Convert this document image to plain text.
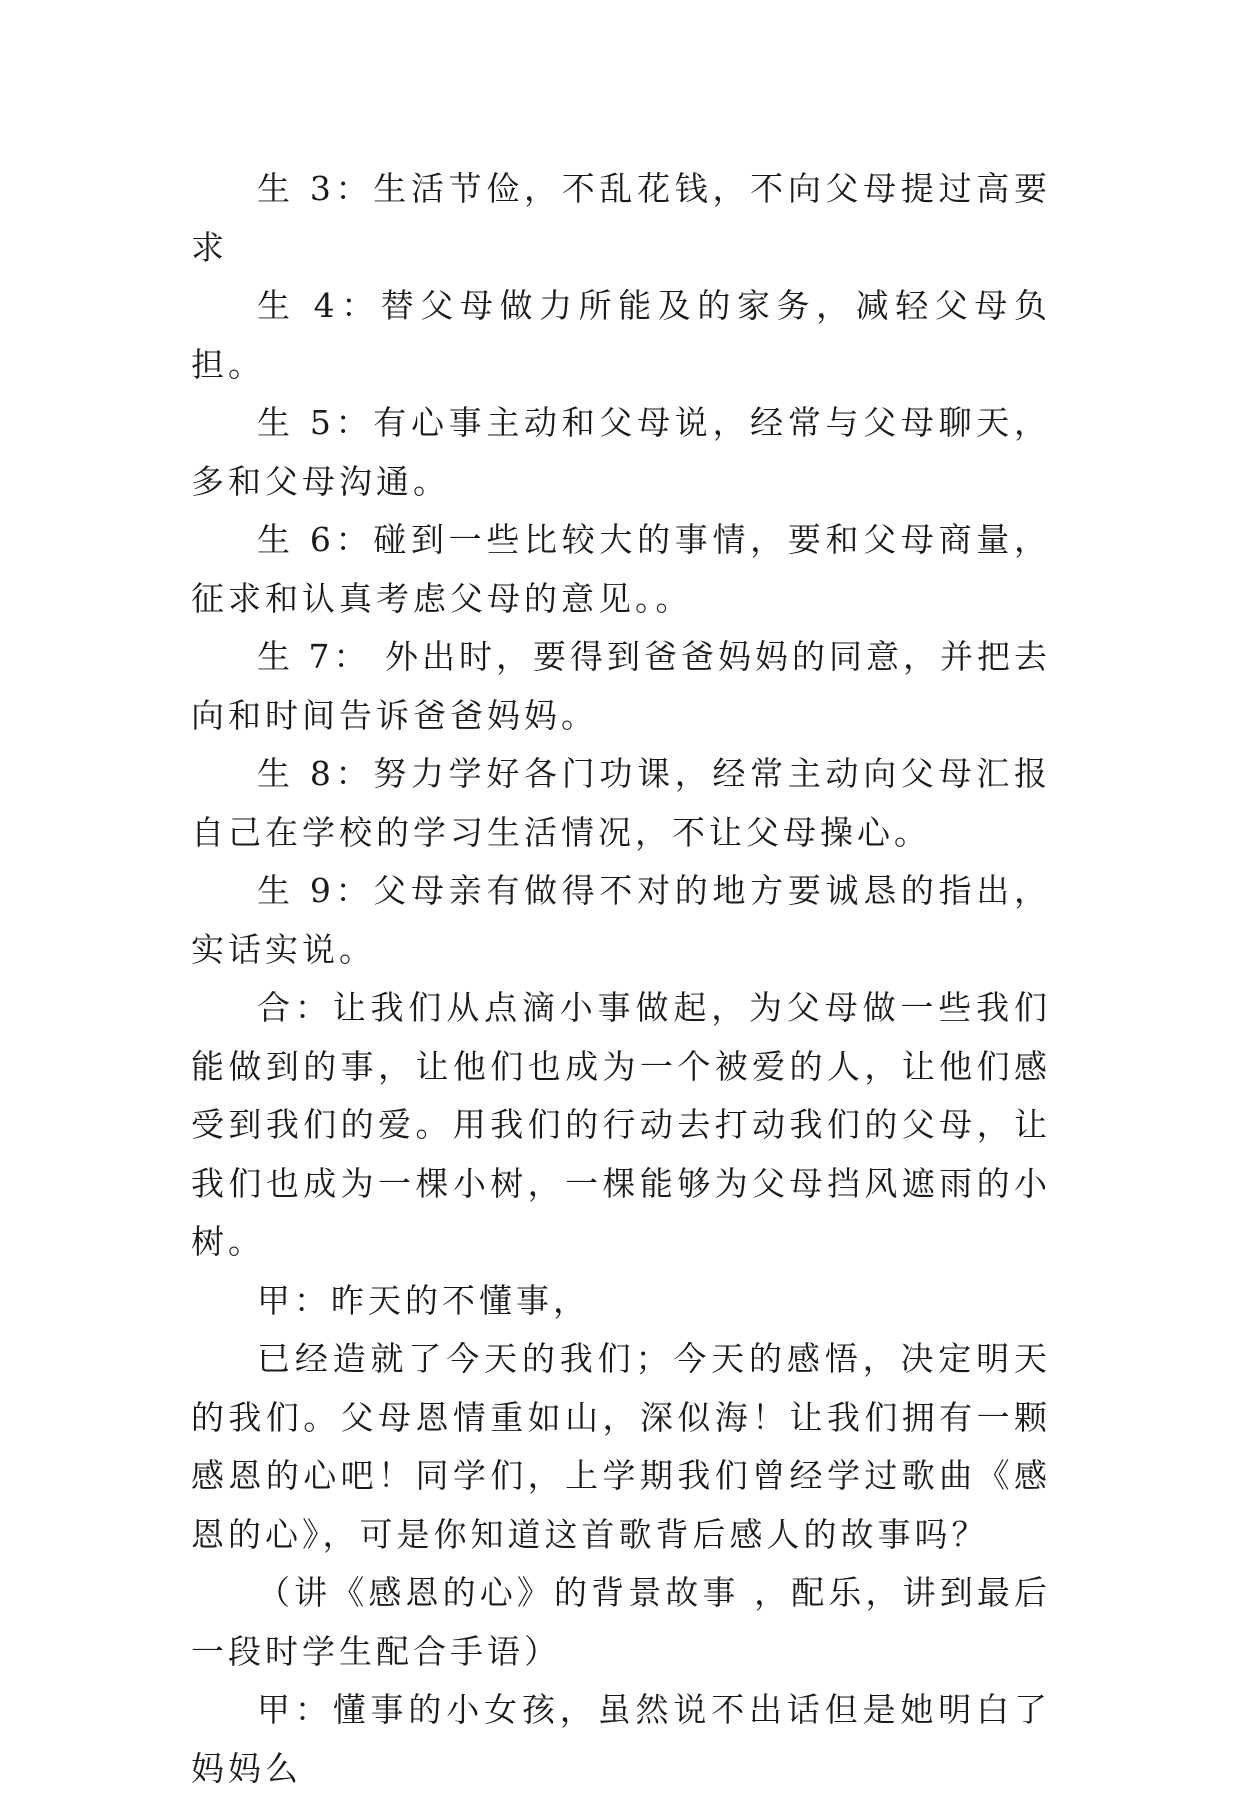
生 3：生活节俭，不乱花钱，不向父母提过高要求

生 4：替父母做力所能及的家务，减轻父母负担。

生 5：有心事主动和父母说，经常与父母聊天，多和父母沟通。

生 6：碰到一些比较大的事情，要和父母商量，征求和认真考虑父母的意见。。

生 7： 外出时，要得到爸爸妈妈的同意，并把去向和时间告诉爸爸妈妈。

生 8：努力学好各门功课，经常主动向父母汇报自己在学校的学习生活情况，不让父母操心。

生 9：父母亲有做得不对的地方要诚恳的指出，实话实说。

合：让我们从点滴小事做起，为父母做一些我们能做到的事，让他们也成为一个被爱的人，让他们感受到我们的爱。用我们的行动去打动我们的父母，让我们也成为一棵小树，一棵能够为父母挡风遮雨的小树。

甲：昨天的不懂事，

已经造就了今天的我们；今天的感悟，决定明天的我们。父母恩情重如山，深似海！让我们拥有一颗感恩的心吧！同学们，上学期我们曾经学过歌曲《感恩的心》，可是你知道这首歌背后感人的故事吗？

（讲《感恩的心》的背景故事 ，配乐，讲到最后一段时学生配合手语）

甲：懂事的小女孩，虽然说不出话但是她明白了妈妈么
